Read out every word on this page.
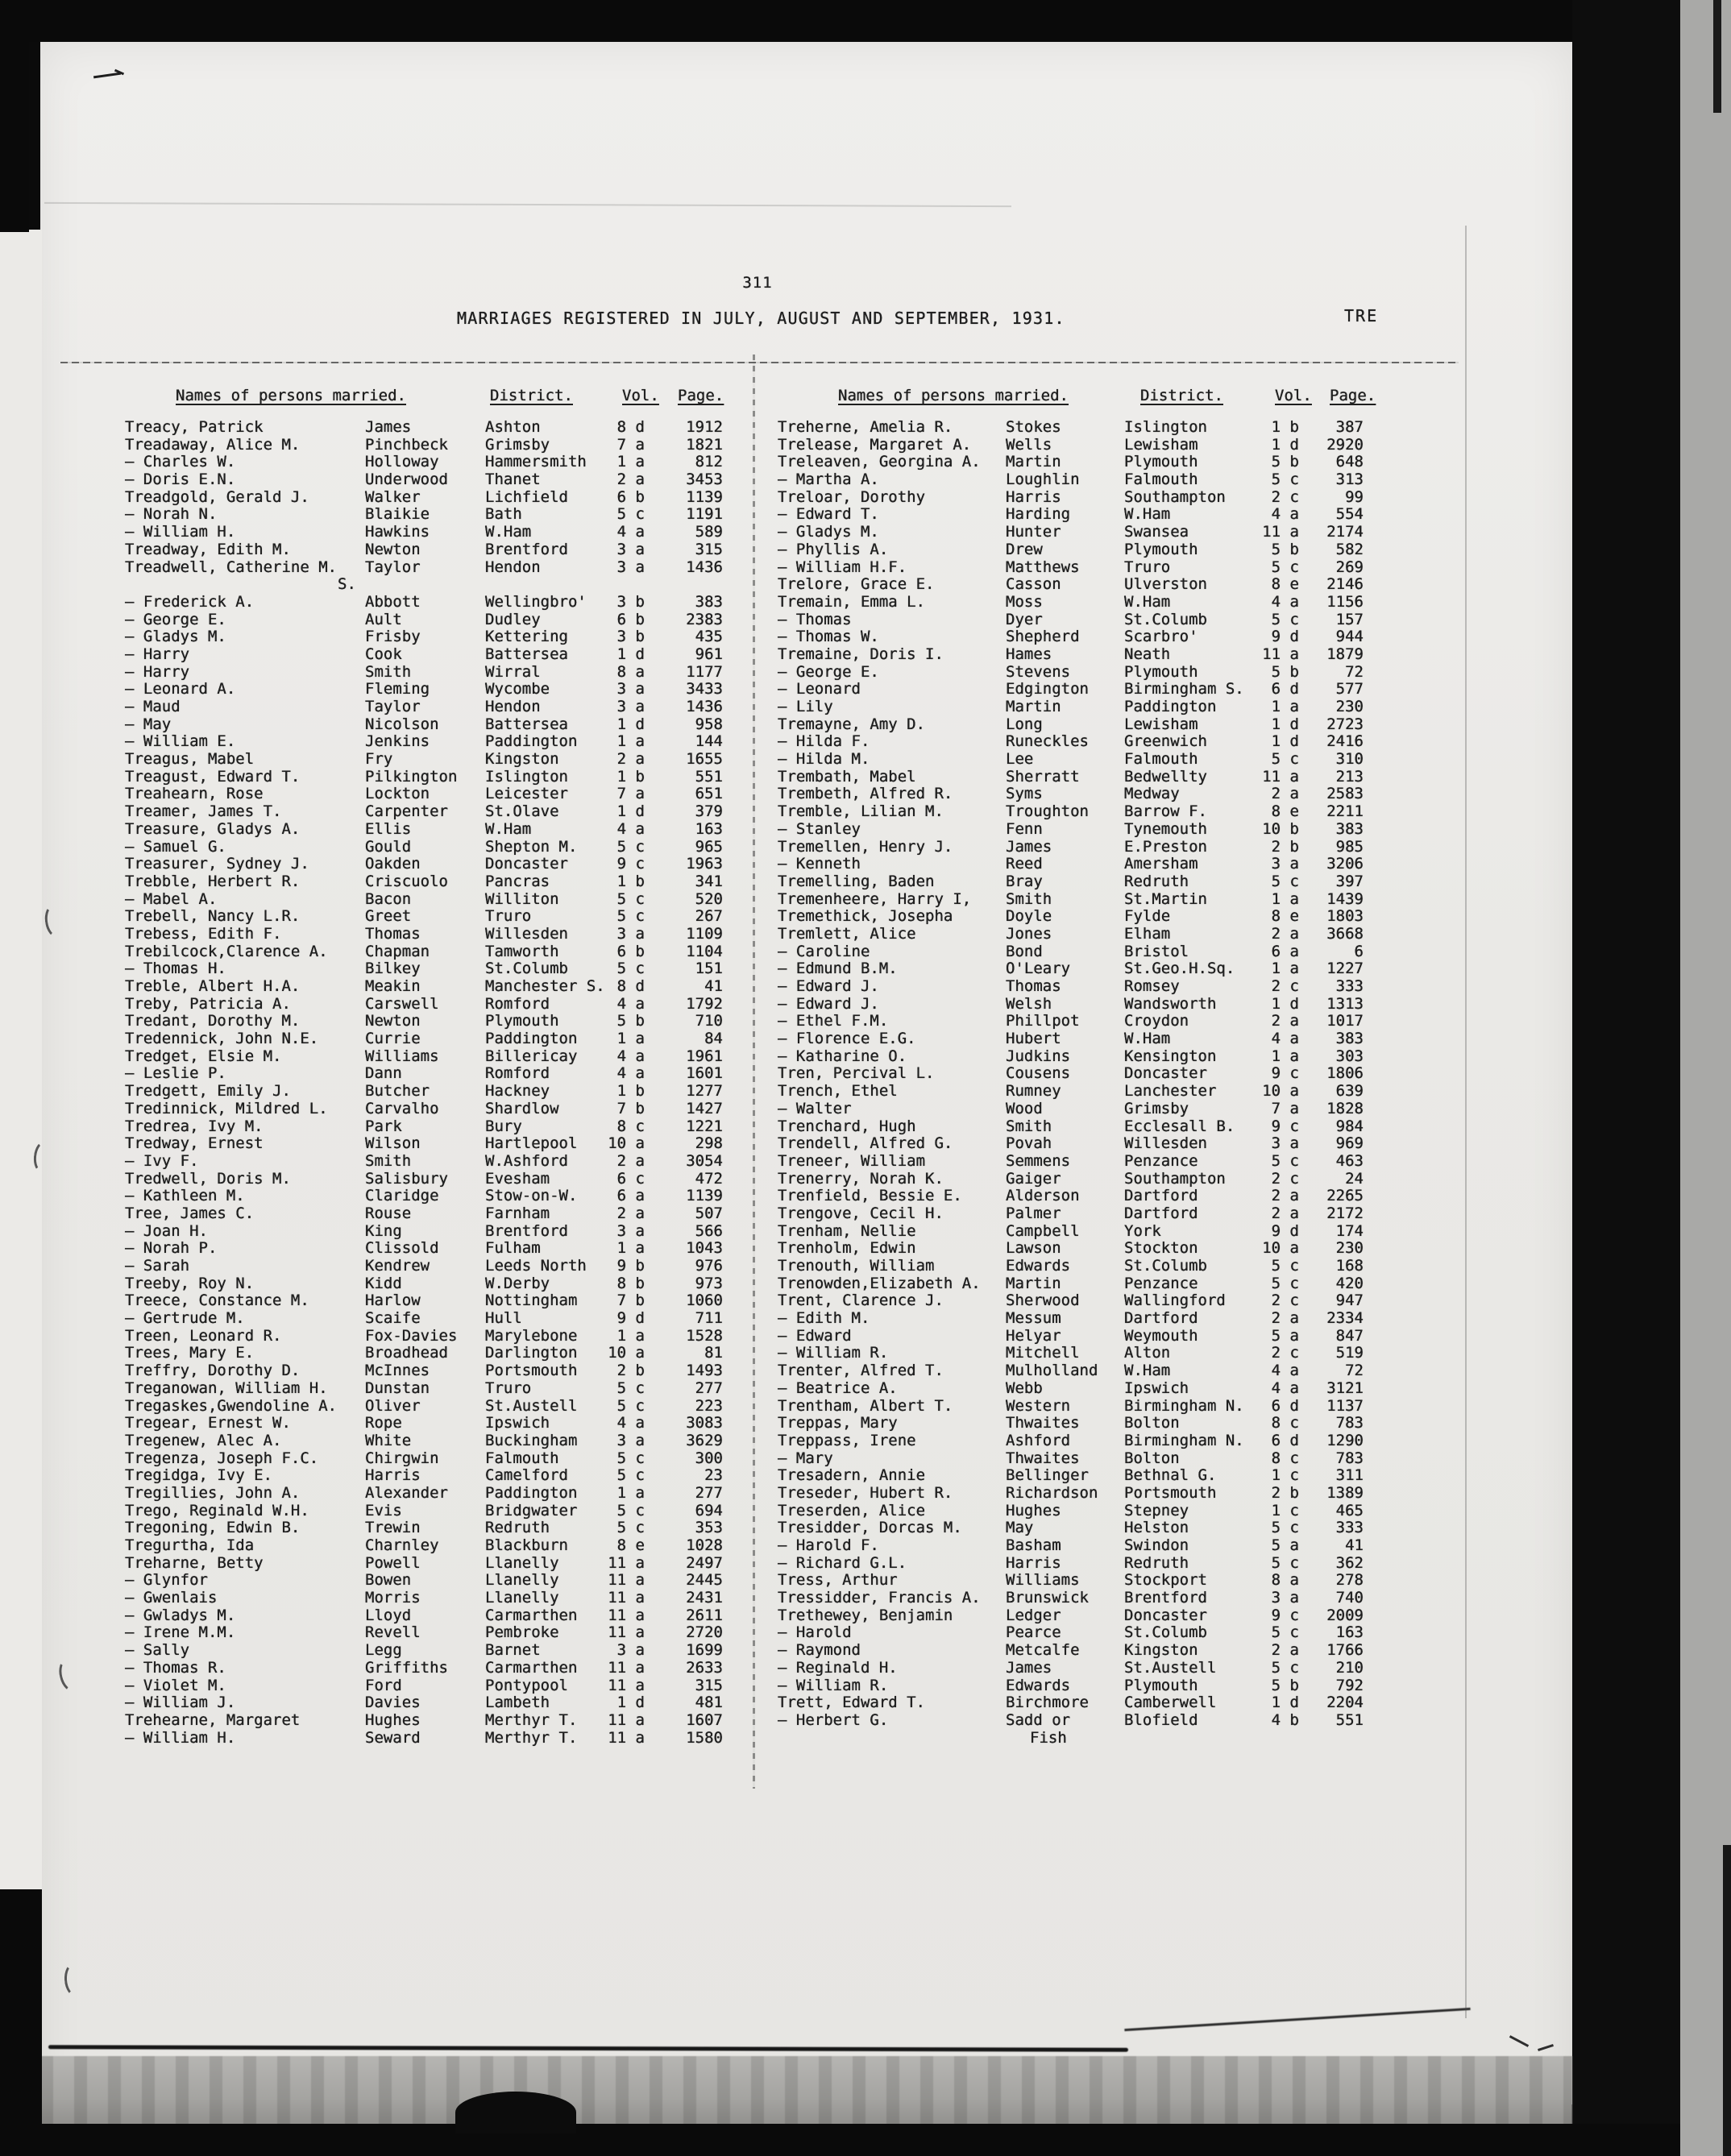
311
MARRIAGES REGISTERED IN JULY, AUGUST AND SEPTEMBER, 1931.	TRE
Names of persons married.	District.	Vol. Page.	Names of persons married.	District.	Vol. Page.
Treacy, Patrick	James	Ashton	8 d	1912
Treadaway, Alice M.	Pinchbeck	Grimsby	7 a	1821
— Charles W.	Holloway	Hammersmith	1 a	812
— Doris E.N.	Underwood	Thanet	2 a	3453
Treadgold, Gerald J.	Walker	Lichfield	6 b	1139
— Norah N.	Blaikie	Bath	5 c	1191
— William H.	Hawkins	W.Ham	4 a	589
Treadway, Edith M.	Newton	Brentford	3 a	315
Treadwell, Catherine M.	Taylor	Hendon	3 a	1436
S.
— Frederick A.	Abbott	Wellingbro'	3 b	383
— George E.	Ault	Dudley	6 b	2383
— Gladys M.	Frisby	Kettering	3 b	435
— Harry	Cook	Battersea	1 d	961
— Harry	Smith	Wirral	8 a	1177
— Leonard A.	Fleming	Wycombe	3 a	3433
— Maud	Taylor	Hendon	3 a	1436
— May	Nicolson	Battersea	1 d	958
— William E.	Jenkins	Paddington	1 a	144
Treagus, Mabel	Fry	Kingston	2 a	1655
Treagust, Edward T.	Pilkington	Islington	1 b	551
Treahearn, Rose	Lockton	Leicester	7 a	651
Treamer, James T.	Carpenter	St.Olave	1 d	379
Treasure, Gladys A.	Ellis	W.Ham	4 a	163
— Samuel G.	Gould	Shepton M.	5 c	965
Treasurer, Sydney J.	Oakden	Doncaster	9 c	1963
Trebble, Herbert R.	Criscuolo	Pancras	1 b	341
— Mabel A.	Bacon	Williton	5 c	520
Trebell, Nancy L.R.	Greet	Truro	5 c	267
Trebess, Edith F.	Thomas	Willesden	3 a	1109
Trebilcock,Clarence A.	Chapman	Tamworth	6 b	1104
— Thomas H.	Bilkey	St.Columb	5 c	151
Treble, Albert H.A.	Meakin	Manchester S. 8 d	41
Treby, Patricia A.	Carswell	Romford	4 a	1792
Tredant, Dorothy M.	Newton	Plymouth	5 b	710
Tredennick, John N.E.	Currie	Paddington	1 a	84
Tredget, Elsie M.	Williams	Billericay	4 a	1961
— Leslie P.	Dann	Romford	4 a	1601
Tredgett, Emily J.	Butcher	Hackney	1 b	1277
Tredinnick, Mildred L.	Carvalho	Shardlow	7 b	1427
Tredrea, Ivy M.	Park	Bury	8 c	1221
Tredway, Ernest	Wilson	Hartlepool	10 a	298
— Ivy F.	Smith	W.Ashford	2 a	3054
Tredwell, Doris M.	Salisbury	Evesham	6 c	472
— Kathleen M.	Claridge	Stow-on-W.	6 a	1139
Tree, James C.	Rouse	Farnham	2 a	507
— Joan H.	King	Brentford	3 a	566
— Norah P.	Clissold	Fulham	1 a	1043
— Sarah	Kendrew	Leeds North	9 b	976
Treeby, Roy N.	Kidd	W.Derby	8 b	973
Treece, Constance M.	Harlow	Nottingham	7 b	1060
— Gertrude M.	Scaife	Hull	9 d	711
Treen, Leonard R.	Fox-Davies	Marylebone	1 a	1528
Trees, Mary E.	Broadhead	Darlington	10 a	81
Treffry, Dorothy D.	McInnes	Portsmouth	2 b	1493
Treganowan, William H.	Dunstan	Truro	5 c	277
Tregaskes,Gwendoline A.	Oliver	St.Austell	5 c	223
Tregear, Ernest W.	Rope	Ipswich	4 a	3083
Tregenew, Alec A.	White	Buckingham	3 a	3629
Tregenza, Joseph F.C.	Chirgwin	Falmouth	5 c	300
Tregidga, Ivy E.	Harris	Camelford	5 c	23
Tregillies, John A.	Alexander	Paddington	1 a	277
Trego, Reginald W.H.	Evis	Bridgwater	5 c	694
Tregoning, Edwin B.	Trewin	Redruth	5 c	353
Tregurtha, Ida	Charnley	Blackburn	8 e	1028
Treharne, Betty	Powell	Llanelly	11 a	2497
— Glynfor	Bowen	Llanelly	11 a	2445
— Gwenlais	Morris	Llanelly	11 a	2431
— Gwladys M.	Lloyd	Carmarthen	11 a	2611
— Irene M.M.	Revell	Pembroke	11 a	2720
— Sally	Legg	Barnet	3 a	1699
— Thomas R.	Griffiths	Carmarthen	11 a	2633
— Violet M.	Ford	Pontypool	11 a	315
— William J.	Davies	Lambeth	1 d	481
Trehearne, Margaret	Hughes	Merthyr T.	11 a	1607
— William H.	Seward	Merthyr T.	11 a	1580
Treherne, Amelia R.	Stokes	Islington	1 b	387
Trelease, Margaret A.	Wells	Lewisham	1 d	2920
Treleaven, Georgina A.	Martin	Plymouth	5 b	648
— Martha A.	Loughlin	Falmouth	5 c	313
Treloar, Dorothy	Harris	Southampton	2 c	99
— Edward T.	Harding	W.Ham	4 a	554
— Gladys M.	Hunter	Swansea	11 a	2174
— Phyllis A.	Drew	Plymouth	5 b	582
— William H.F.	Matthews	Truro	5 c	269
Trelore, Grace E.	Casson	Ulverston	8 e	2146
Tremain, Emma L.	Moss	W.Ham	4 a	1156
— Thomas	Dyer	St.Columb	5 c	157
— Thomas W.	Shepherd	Scarbro'	9 d	944
Tremaine, Doris I.	Hames	Neath	11 a	1879
— George E.	Stevens	Plymouth	5 b	72
— Leonard	Edgington	Birmingham S.	6 d	577
— Lily	Martin	Paddington	1 a	230
Tremayne, Amy D.	Long	Lewisham	1 d	2723
— Hilda F.	Runeckles	Greenwich	1 d	2416
— Hilda M.	Lee	Falmouth	5 c	310
Trembath, Mabel	Sherratt	Bedwellty	11 a	213
Trembeth, Alfred R.	Syms	Medway	2 a	2583
Tremble, Lilian M.	Troughton	Barrow F.	8 e	2211
— Stanley	Fenn	Tynemouth	10 b	383
Tremellen, Henry J.	James	E.Preston	2 b	985
— Kenneth	Reed	Amersham	3 a	3206
Tremelling, Baden	Bray	Redruth	5 c	397
Tremenheere, Harry I,	Smith	St.Martin	1 a	1439
Tremethick, Josepha	Doyle	Fylde	8 e	1803
Tremlett, Alice	Jones	Elham	2 a	3668
— Caroline	Bond	Bristol	6 a	6
— Edmund B.M.	O'Leary	St.Geo.H.Sq.	1 a	1227
— Edward J.	Thomas	Romsey	2 c	333
— Edward J.	Welsh	Wandsworth	1 d	1313
— Ethel F.M.	Phillpot	Croydon	2 a	1017
— Florence E.G.	Hubert	W.Ham	4 a	383
— Katharine O.	Judkins	Kensington	1 a	303
Tren, Percival L.	Cousens	Doncaster	9 c	1806
Trench, Ethel	Rumney	Lanchester	10 a	639
— Walter	Wood	Grimsby	7 a	1828
Trenchard, Hugh	Smith	Ecclesall B.	9 c	984
Trendell, Alfred G.	Povah	Willesden	3 a	969
Treneer, William	Semmens	Penzance	5 c	463
Trenerry, Norah K.	Gaiger	Southampton	2 c	24
Trenfield, Bessie E.	Alderson	Dartford	2 a	2265
Trengove, Cecil H.	Palmer	Dartford	2 a	2172
Trenham, Nellie	Campbell	York	9 d	174
Trenholm, Edwin	Lawson	Stockton	10 a	230
Trenouth, William	Edwards	St.Columb	5 c	168
Trenowden,Elizabeth A.	Martin	Penzance	5 c	420
Trent, Clarence J.	Sherwood	Wallingford	2 c	947
— Edith M.	Messum	Dartford	2 a	2334
— Edward	Helyar	Weymouth	5 a	847
— William R.	Mitchell	Alton	2 c	519
Trenter, Alfred T.	Mulholland	W.Ham	4 a	72
— Beatrice A.	Webb	Ipswich	4 a	3121
Trentham, Albert T.	Western	Birmingham N.	6 d	1137
Treppas, Mary	Thwaites	Bolton	8 c	783
Treppass, Irene	Ashford	Birmingham N.	6 d	1290
— Mary	Thwaites	Bolton	8 c	783
Tresadern, Annie	Bellinger	Bethnal G.	1 c	311
Treseder, Hubert R.	Richardson	Portsmouth	2 b	1389
Treserden, Alice	Hughes	Stepney	1 c	465
Tresidder, Dorcas M.	May	Helston	5 c	333
— Harold F.	Basham	Swindon	5 a	41
— Richard G.L.	Harris	Redruth	5 c	362
Tress, Arthur	Williams	Stockport	8 a	278
Tressidder, Francis A.	Brunswick	Brentford	3 a	740
Trethewey, Benjamin	Ledger	Doncaster	9 c	2009
— Harold	Pearce	St.Columb	5 c	163
— Raymond	Metcalfe	Kingston	2 a	1766
— Reginald H.	James	St.Austell	5 c	210
— William R.	Edwards	Plymouth	5 b	792
Trett, Edward T.	Birchmore	Camberwell	1 d	2204
— Herbert G.	Sadd or	Blofield	4 b	551
Fish
